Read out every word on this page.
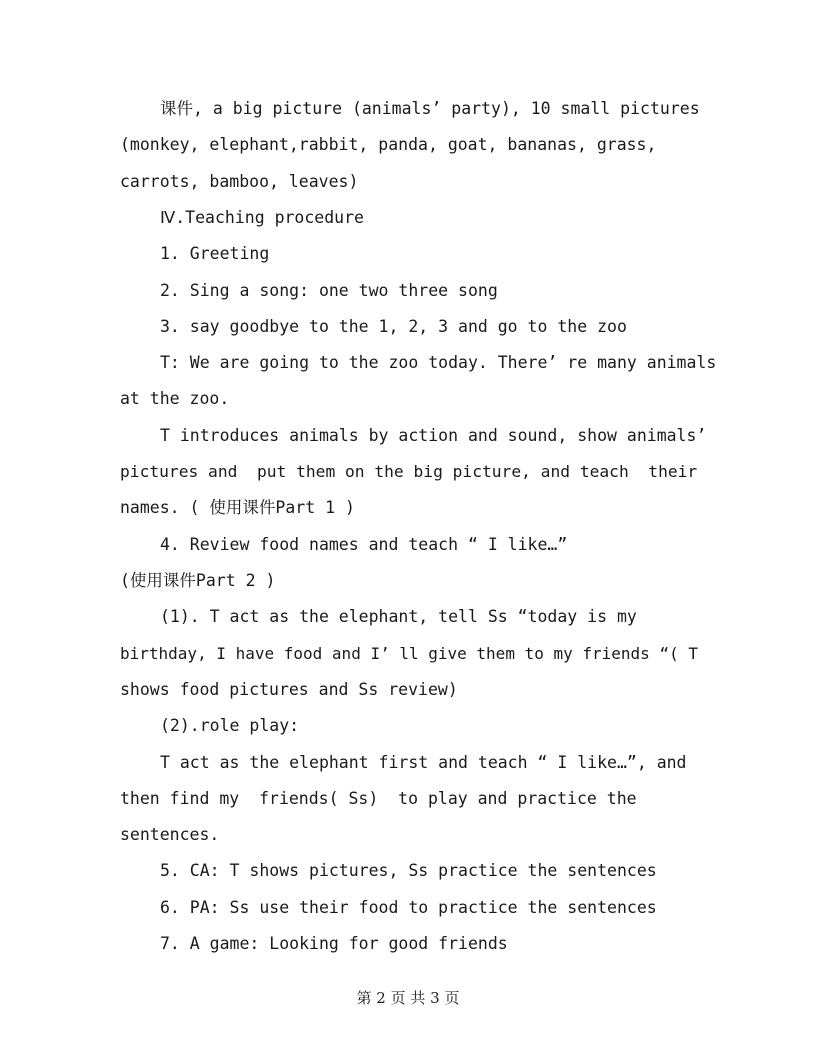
课件, a big picture (animals’ party), 10 small pictures
(monkey, elephant,rabbit, panda, goat, bananas, grass,
carrots, bamboo, leaves)
Ⅳ.Teaching procedure
1. Greeting
2. Sing a song: one two three song
3. say goodbye to the 1, 2, 3 and go to the zoo
T: We are going to the zoo today. There’ re many animals
at the zoo.
T introduces animals by action and sound, show animals’
pictures and  put them on the big picture, and teach  their
names. ( 使用课件Part 1 )
4. Review food names and teach “ I like…”
(使用课件Part 2 )
(1). T act as the elephant, tell Ss “today is my
birthday, I have food and I’ ll give them to my friends “( T
shows food pictures and Ss review)
(2).role play:
T act as the elephant first and teach “ I like…”, and
then find my  friends( Ss)  to play and practice the
sentences.
5. CA: T shows pictures, Ss practice the sentences
6. PA: Ss use their food to practice the sentences
7. A game: Looking for good friends
第 2 页 共 3 页
